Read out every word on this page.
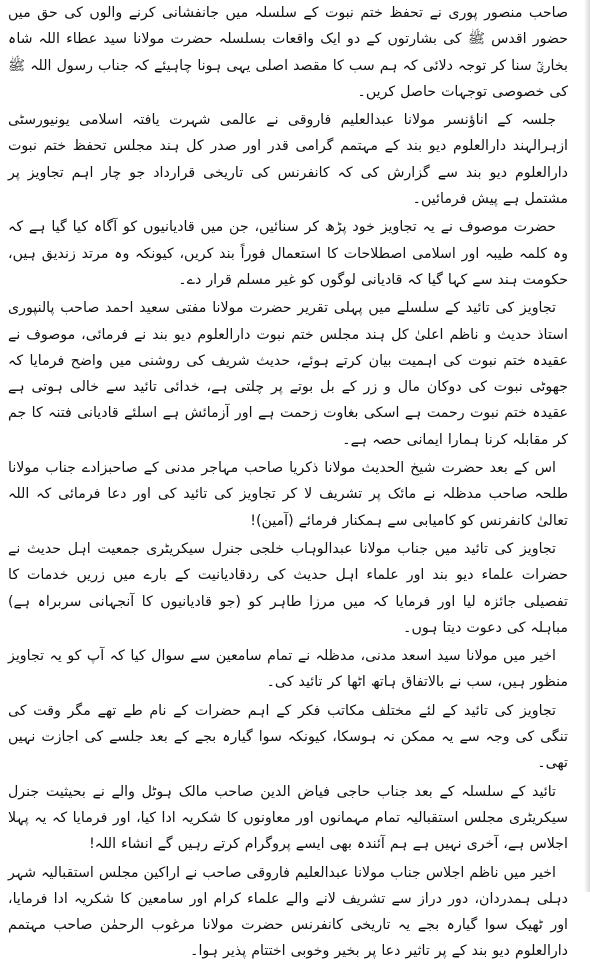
صاحب منصور پوری نے تحفظ ختم نبوت کے سلسلہ میں جانفشانی کرنے والوں کی حق میں حضور اقدس ﷺ کی بشارتوں کے دو ایک واقعات بسلسلہ حضرت مولانا سید عطاء اللہ شاہ بخاریؒ سنا کر توجہ دلائی کہ ہم سب کا مقصد اصلی یہی ہونا چاہیئے کہ جناب رسول اللہ ﷺ کی خصوصی توجہات حاصل کریں۔

جلسہ کے اناؤنسر مولانا عبدالعلیم فاروقی نے عالمی شہرت یافتہ اسلامی یونیورسٹی ازہرالہند دارالعلوم دیو بند کے مہتمم گرامی قدر اور صدر کل ہند مجلس تحفظ ختم نبوت دارالعلوم دیو بند سے گزارش کی کہ کانفرنس کی تاریخی قرارداد جو چار اہم تجاویز پر مشتمل ہے پیش فرمائیں۔

حضرت موصوف نے یہ تجاویز خود پڑھ کر سنائیں، جن میں قادیانیوں کو آگاہ کیا گیا ہے کہ وہ کلمہ طیبہ اور اسلامی اصطلاحات کا استعمال فوراً بند کریں، کیونکہ وہ مرتد زندیق ہیں، حکومت ہند سے کہا گیا کہ قادیانی لوگوں کو غیر مسلم قرار دے۔

تجاویز کی تائید کے سلسلے میں پہلی تقریر حضرت مولانا مفتی سعید احمد صاحب پالنپوری استاذ حدیث و ناظم اعلیٰ کل ہند مجلس ختم نبوت دارالعلوم دیو بند نے فرمائی، موصوف نے عقیدہ ختم نبوت کی اہمیت بیان کرتے ہوئے، حدیث شریف کی روشنی میں واضح فرمایا کہ جھوٹی نبوت کی دوکان مال و زر کے بل بوتے پر چلتی ہے، خدائی تائید سے خالی ہوتی ہے عقیدہ ختم نبوت رحمت ہے اسکی بغاوت زحمت ہے اور آزمائش ہے اسلئے قادیانی فتنہ کا جم کر مقابلہ کرنا ہمارا ایمانی حصہ ہے۔

اس کے بعد حضرت شیخ الحدیث مولانا ذکریا صاحب مہاجر مدنی کے صاحبزادے جناب مولانا طلحہ صاحب مدظلہ نے مائک پر تشریف لا کر تجاویز کی تائید کی اور دعا فرمائی کہ اللہ تعالیٰ کانفرنس کو کامیابی سے ہمکنار فرمائے (آمین)!

تجاویز کی تائید میں جناب مولانا عبدالوہاب خلجی جنرل سیکریٹری جمعیت اہل حدیث نے حضرات علماء دیو بند اور علماء اہل حدیث کی ردقادیانیت کے بارے میں زریں خدمات کا تفصیلی جائزہ لیا اور فرمایا کہ میں مرزا طاہر کو (جو قادیانیوں کا آنجہانی سربراہ ہے) مباہلہ کی دعوت دیتا ہوں۔

اخیر میں مولانا سید اسعد مدنی، مدظلہ نے تمام سامعین سے سوال کیا کہ آپ کو یہ تجاویز منظور ہیں، سب نے بالاتفاق ہاتھ اٹھا کر تائید کی۔

تجاویز کی تائید کے لئے مختلف مکاتب فکر کے اہم حضرات کے نام طے تھے مگر وقت کی تنگی کی وجہ سے یہ ممکن نہ ہوسکا، کیونکہ سوا گیارہ بجے کے بعد جلسے کی اجازت نہیں تھی۔

تائید کے سلسلہ کے بعد جناب حاجی فیاض الدین صاحب مالک ہوٹل والے نے بحیثیت جنرل سیکریٹری مجلس استقبالیہ تمام مہمانوں اور معاونوں کا شکریہ ادا کیا، اور فرمایا کہ یہ پہلا اجلاس ہے، آخری نہیں ہے ہم آئندہ بھی ایسے پروگرام کرتے رہیں گے انشاء اللہ!

اخیر میں ناظم اجلاس جناب مولانا عبدالعلیم فاروقی صاحب نے اراکین مجلس استقبالیہ شہر دہلی ہمدردان، دور دراز سے تشریف لانے والے علماء کرام اور سامعین کا شکریہ ادا فرمایا، اور ٹھیک سوا گیارہ بجے یہ تاریخی کانفرنس حضرت مولانا مرغوب الرحمٰن صاحب مہتمم دارالعلوم دیو بند کے پر تاثیر دعا پر بخیر وخوبی اختتام پذیر ہوا۔
